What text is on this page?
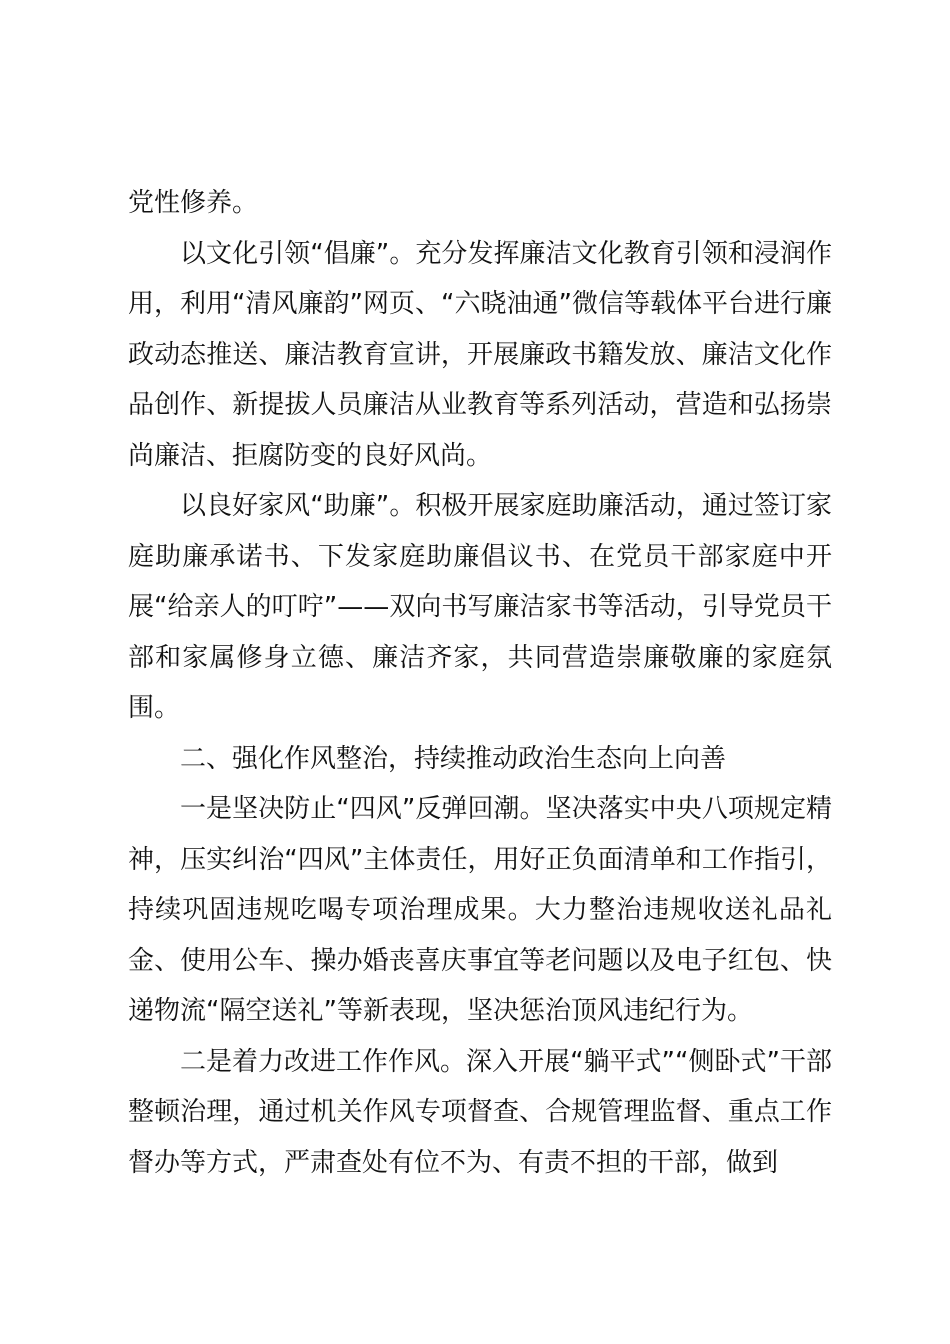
党性修养。

以文化引领“倡廉”。充分发挥廉洁文化教育引领和浸润作用，利用“清风廉韵”网页、“六晓油通”微信等载体平台进行廉政动态推送、廉洁教育宣讲，开展廉政书籍发放、廉洁文化作品创作、新提拔人员廉洁从业教育等系列活动，营造和弘扬崇尚廉洁、拒腐防变的良好风尚。

以良好家风“助廉”。积极开展家庭助廉活动，通过签订家庭助廉承诺书、下发家庭助廉倡议书、在党员干部家庭中开展“给亲人的叮咛”——双向书写廉洁家书等活动，引导党员干部和家属修身立德、廉洁齐家，共同营造崇廉敬廉的家庭氛围。

二、强化作风整治，持续推动政治生态向上向善

一是坚决防止“四风”反弹回潮。坚决落实中央八项规定精神，压实纠治“四风”主体责任，用好正负面清单和工作指引，持续巩固违规吃喝专项治理成果。大力整治违规收送礼品礼金、使用公车、操办婚丧喜庆事宜等老问题以及电子红包、快递物流“隔空送礼”等新表现，坚决惩治顶风违纪行为。

二是着力改进工作作风。深入开展“躺平式”“侧卧式”干部整顿治理，通过机关作风专项督查、合规管理监督、重点工作督办等方式，严肃查处有位不为、有责不担的干部，做到
